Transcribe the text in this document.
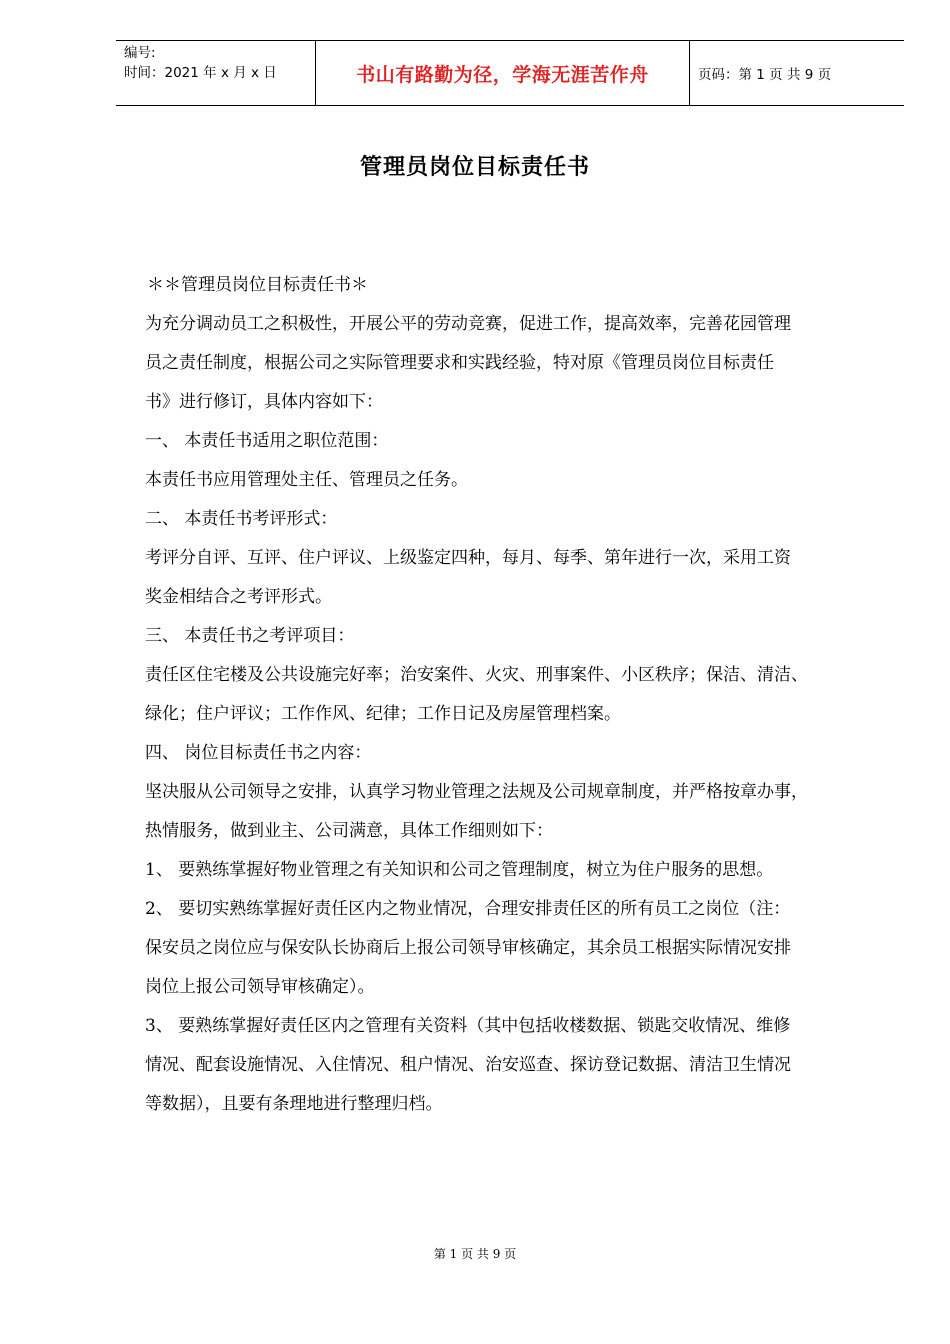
编号:
时间：2021 年 x 月 x 日	书山有路勤为径，学海无涯苦作舟	页码：第 1 页 共 9 页
管理员岗位目标责任书

＊＊管理员岗位目标责任书＊

为充分调动员工之积极性，开展公平的劳动竞赛，促进工作，提高效率，完善花园管理

员之责任制度，根据公司之实际管理要求和实践经验，特对原《管理员岗位目标责任

书》进行修订，具体内容如下：

一、 本责任书适用之职位范围：

本责任书应用管理处主任、管理员之任务。

二、 本责任书考评形式：

考评分自评、互评、住户评议、上级鉴定四种，每月、每季、第年进行一次，采用工资

奖金相结合之考评形式。

三、 本责任书之考评项目：

责任区住宅楼及公共设施完好率；治安案件、火灾、刑事案件、小区秩序；保洁、清洁、

绿化；住户评议；工作作风、纪律；工作日记及房屋管理档案。

四、 岗位目标责任书之内容：

坚决服从公司领导之安排，认真学习物业管理之法规及公司规章制度，并严格按章办事，

热情服务，做到业主、公司满意，具体工作细则如下：

1、 要熟练掌握好物业管理之有关知识和公司之管理制度，树立为住户服务的思想。

2、 要切实熟练掌握好责任区内之物业情况，合理安排责任区的所有员工之岗位（注：

保安员之岗位应与保安队长协商后上报公司领导审核确定，其余员工根据实际情况安排

岗位上报公司领导审核确定）。

3、 要熟练掌握好责任区内之管理有关资料（其中包括收楼数据、锁匙交收情况、维修

情况、配套设施情况、入住情况、租户情况、治安巡查、探访登记数据、清洁卫生情况

等数据），且要有条理地进行整理归档。

第 1 页 共 9 页
